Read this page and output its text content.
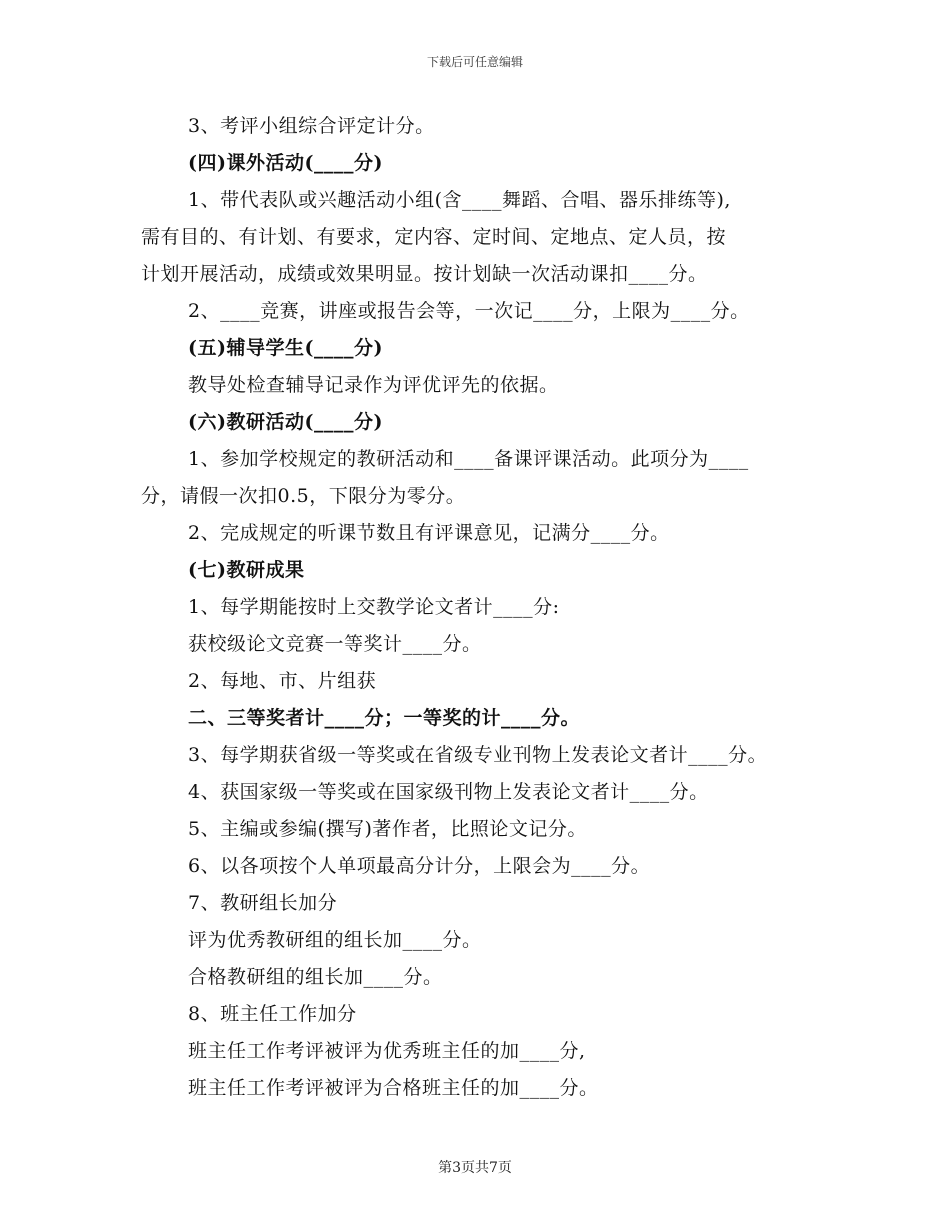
下载后可任意编辑
3、考评小组综合评定计分。
(四)课外活动(____分)
1、带代表队或兴趣活动小组(含____舞蹈、合唱、器乐排练等),
需有目的、有计划、有要求，定内容、定时间、定地点、定人员，按
计划开展活动，成绩或效果明显。按计划缺一次活动课扣____分。
2、____竞赛，讲座或报告会等，一次记____分，上限为____分。
(五)辅导学生(____分)
教导处检查辅导记录作为评优评先的依据。
(六)教研活动(____分)
1、参加学校规定的教研活动和____备课评课活动。此项分为____
分，请假一次扣0.5，下限分为零分。
2、完成规定的听课节数且有评课意见，记满分____分。
(七)教研成果
1、每学期能按时上交教学论文者计____分:
获校级论文竞赛一等奖计____分。
2、每地、市、片组获
二、三等奖者计____分；一等奖的计____分。
3、每学期获省级一等奖或在省级专业刊物上发表论文者计____分。
4、获国家级一等奖或在国家级刊物上发表论文者计____分。
5、主编或参编(撰写)著作者，比照论文记分。
6、以各项按个人单项最高分计分，上限会为____分。
7、教研组长加分
评为优秀教研组的组长加____分。
合格教研组的组长加____分。
8、班主任工作加分
班主任工作考评被评为优秀班主任的加____分,
班主任工作考评被评为合格班主任的加____分。
第3页共7页
